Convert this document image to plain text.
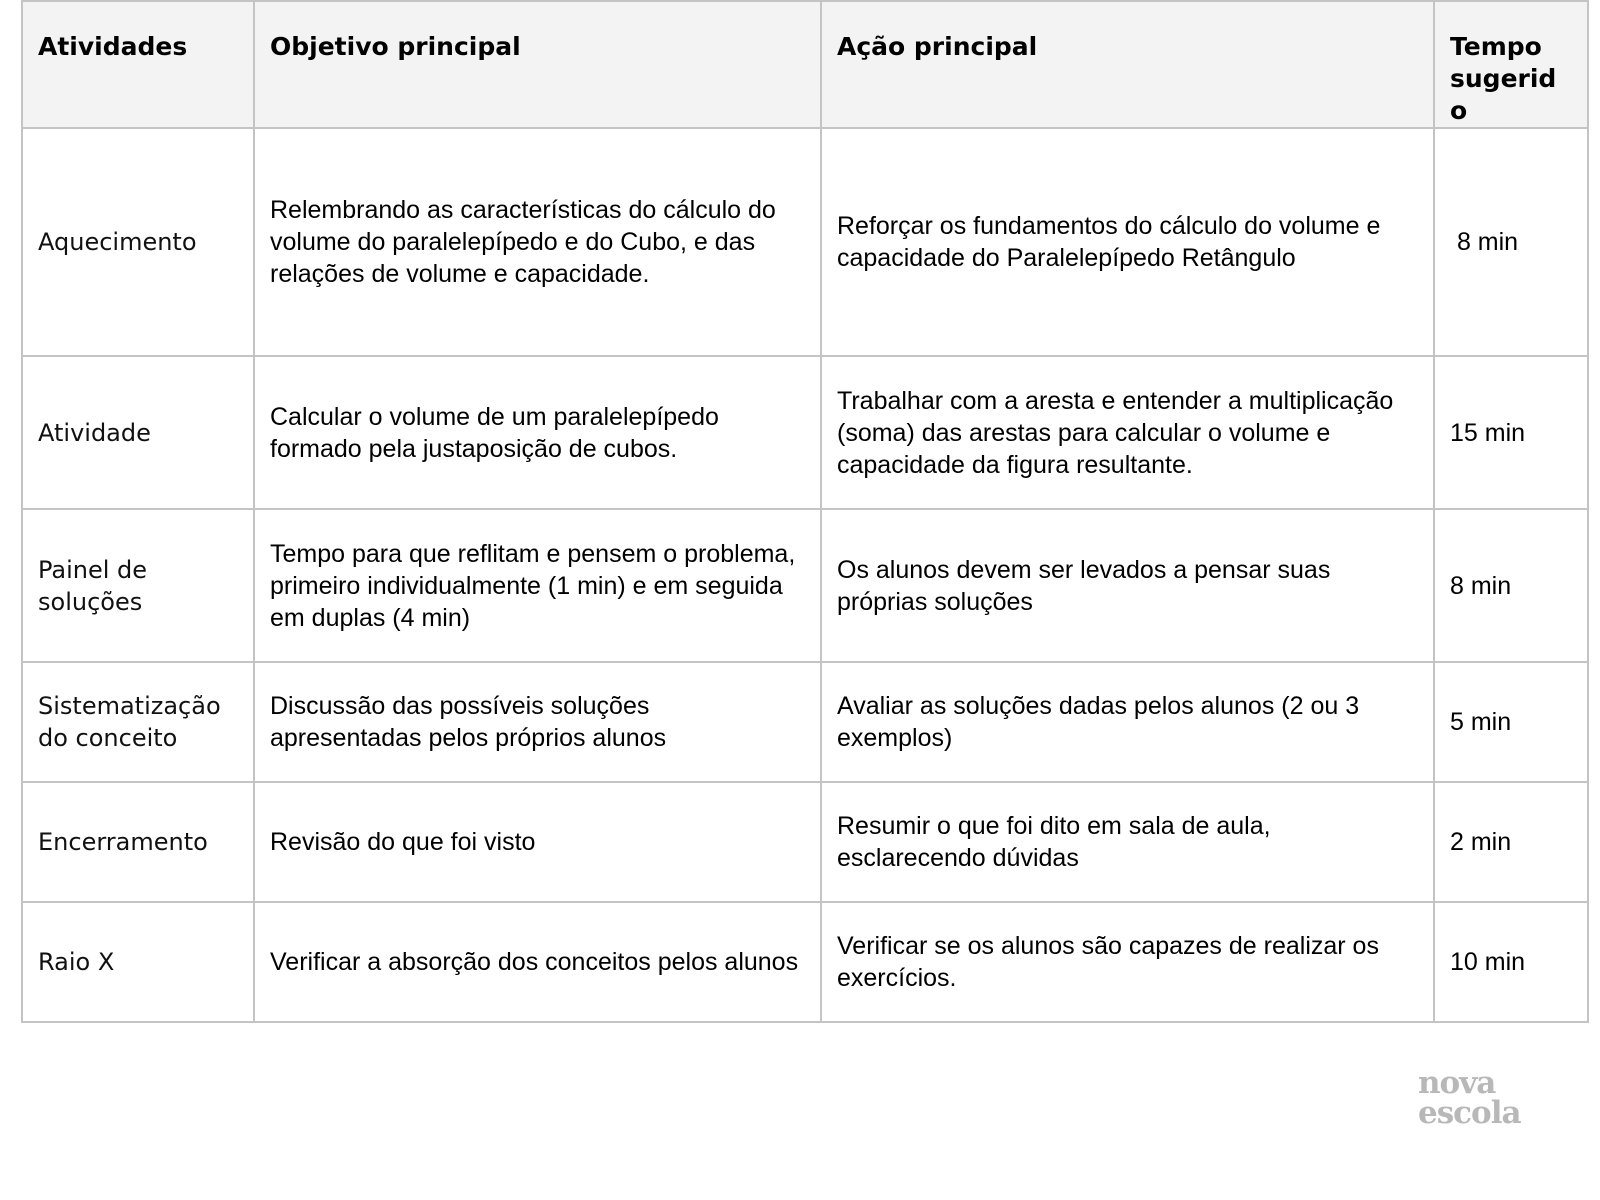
Atividades	Objetivo principal	Ação principal	Tempo sugerido
Aquecimento	Relembrando as características do cálculo do volume do paralelepípedo e do Cubo, e das relações de volume e capacidade.	Reforçar os fundamentos do cálculo do volume e capacidade do Paralelepípedo Retângulo	8 min
Atividade	Calcular o volume de um paralelepípedo formado pela justaposição de cubos.	Trabalhar com a aresta e entender a multiplicação (soma) das arestas para calcular o volume e capacidade da figura resultante.	15 min
Painel de soluções	Tempo para que reflitam e pensem o problema, primeiro individualmente (1 min) e em seguida em duplas (4 min)	Os alunos devem ser levados a pensar suas próprias soluções	8 min
Sistematização do conceito	Discussão das possíveis soluções apresentadas pelos próprios alunos	Avaliar as soluções dadas pelos alunos (2 ou 3 exemplos)	5 min
Encerramento	Revisão do que foi visto	Resumir o que foi dito em sala de aula, esclarecendo dúvidas	2 min
Raio X	Verificar a absorção dos conceitos pelos alunos	Verificar se os alunos são capazes de realizar os exercícios.	10 min
nova
escola
